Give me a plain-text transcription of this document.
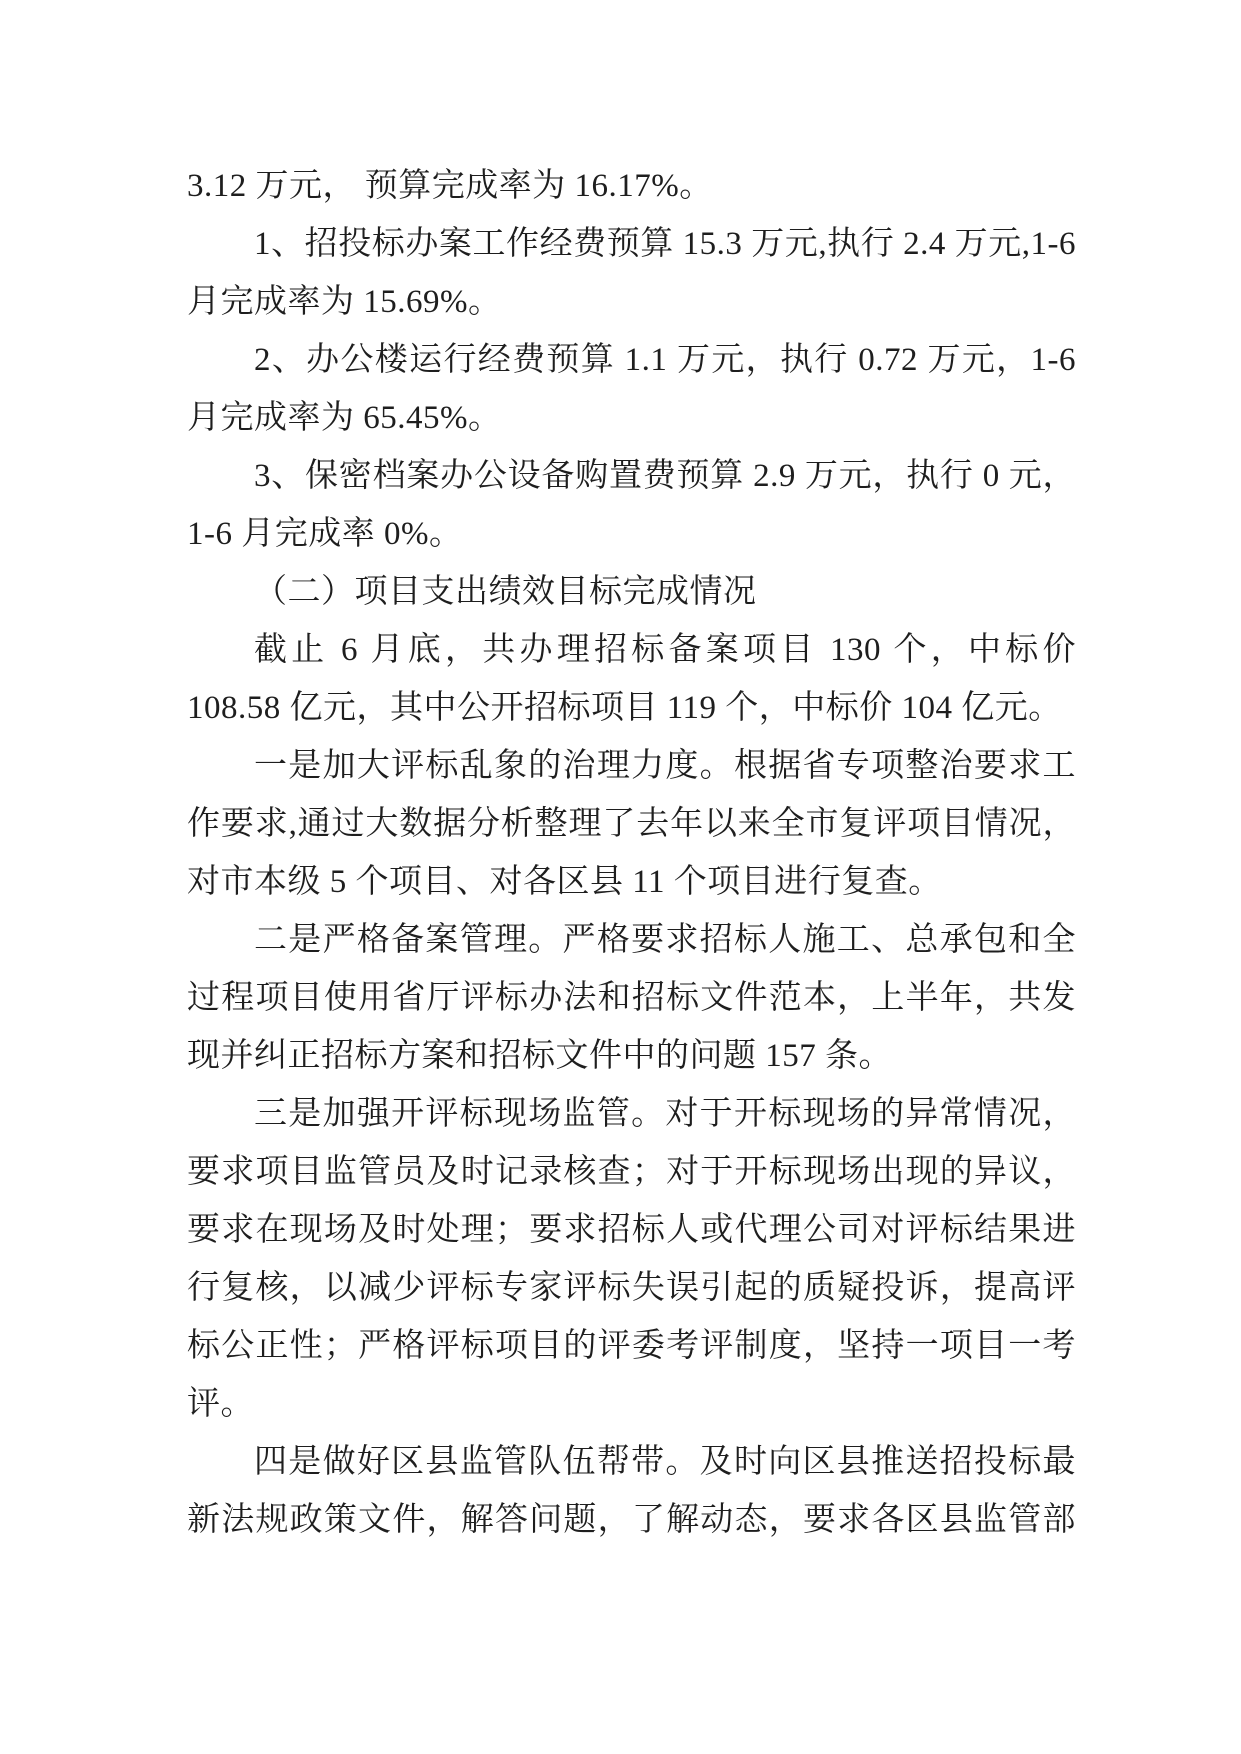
3.12 万元， 预算完成率为 16.17%。
1、招投标办案工作经费预算 15.3 万元,执行 2.4 万元,1-6
月完成率为 15.69%。
2、办公楼运行经费预算 1.1 万元，执行 0.72 万元，1-6
月完成率为 65.45%。
3、保密档案办公设备购置费预算 2.9 万元，执行 0 元，
1-6 月完成率 0%。
（二）项目支出绩效目标完成情况
截止 6 月底，共办理招标备案项目 130 个，中标价
108.58 亿元，其中公开招标项目 119 个，中标价 104 亿元。
一是加大评标乱象的治理力度。根据省专项整治要求工
作要求,通过大数据分析整理了去年以来全市复评项目情况，
对市本级 5 个项目、对各区县 11 个项目进行复查。
二是严格备案管理。严格要求招标人施工、总承包和全
过程项目使用省厅评标办法和招标文件范本，上半年，共发
现并纠正招标方案和招标文件中的问题 157 条。
三是加强开评标现场监管。对于开标现场的异常情况，
要求项目监管员及时记录核查；对于开标现场出现的异议，
要求在现场及时处理；要求招标人或代理公司对评标结果进
行复核，以减少评标专家评标失误引起的质疑投诉，提高评
标公正性；严格评标项目的评委考评制度，坚持一项目一考
评。
四是做好区县监管队伍帮带。及时向区县推送招投标最
新法规政策文件，解答问题，了解动态，要求各区县监管部
